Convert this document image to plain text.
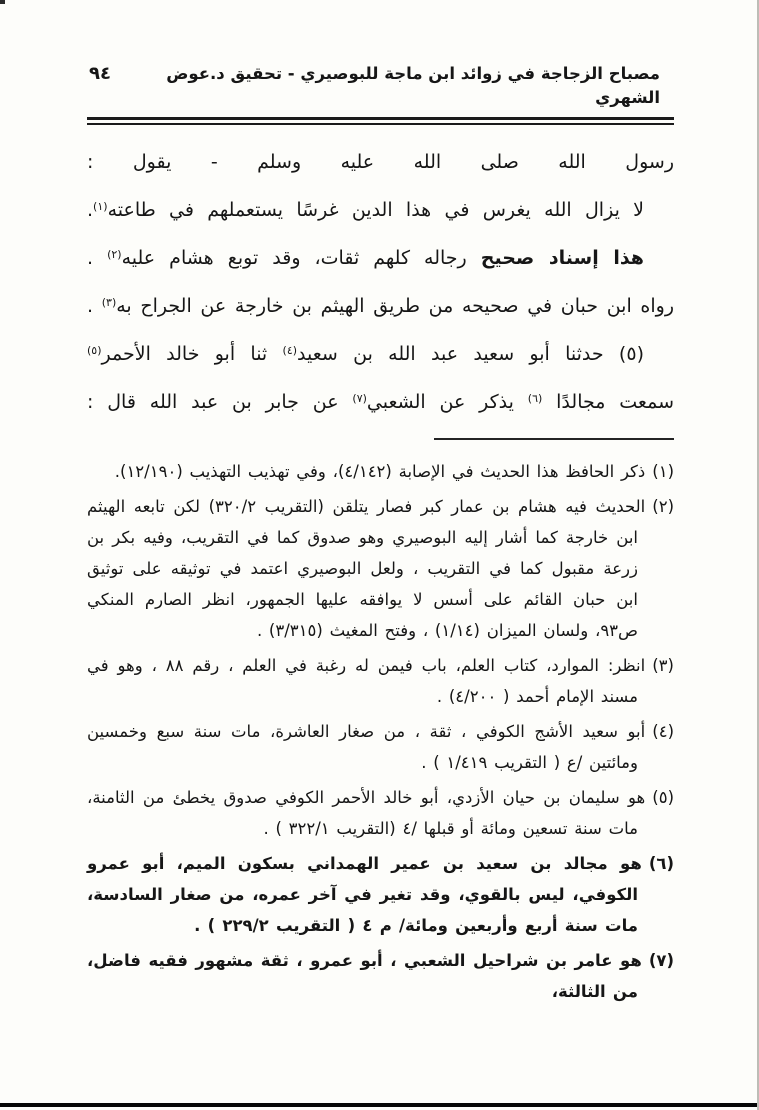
مصباح الزجاجة في زوائد ابن ماجة للبوصيري - تحقيق د.عوض الشهري
٩٤
رسول الله صلى الله عليه وسلم - يقول :
لا يزال الله يغرس في هذا الدين غرسًا يستعملهم في طاعته$^{(١)}$.
هذا إسناد صحيح رجاله كلهم ثقات، وقد توبع هشام عليه$^{(٢)}$ .
رواه ابن حبان في صحيحه من طريق الهيثم بن خارجة عن الجراح به$^{(٣)}$ .
(٥) حدثنا أبو سعيد عبد الله بن سعيد$^{(٤)}$ ثنا أبو خالد الأحمر$^{(٥)}$
سمعت مجالدًا $^{(٦)}$ يذكر عن الشعبي$^{(٧)}$ عن جابر بن عبد الله قال :
(١)ذكر الحافظ هذا الحديث في الإصابة (٤/١٤٢)، وفي تهذيب التهذيب (١٢/١٩٠).
(٢)الحديث فيه هشام بن عمار كبر فصار يتلقن (التقريب ٣٢٠/٢) لكن تابعه الهيثم ابن خارجة كما أشار إليه البوصيري وهو صدوق كما في التقريب، وفيه بكر بن زرعة مقبول كما في التقريب ، ولعل البوصيري اعتمد في توثيقه على توثيق ابن حبان القائم على أسس لا يوافقه عليها الجمهور، انظر الصارم المنكي ص٩٣، ولسان الميزان (١/١٤) ، وفتح المغيث (٣/٣١٥) .
(٣)انظر: الموارد، كتاب العلم، باب فيمن له رغبة في العلم ، رقم ٨٨ ، وهو في مسند الإمام أحمد ( ٤/٢٠٠) .
(٤)أبو سعيد الأشج الكوفي ، ثقة ، من صغار العاشرة، مات سنة سبع وخمسين ومائتين /ع ( التقريب ١/٤١٩ ) .
(٥)هو سليمان بن حيان الأزدي، أبو خالد الأحمر الكوفي صدوق يخطئ من الثامنة، مات سنة تسعين ومائة أو قبلها /٤ (التقريب ٣٢٢/١ ) .
(٦)هو مجالد بن سعيد بن عمير الهمداني بسكون الميم، أبو عمرو الكوفي، ليس بالقوي، وقد تغير في آخر عمره، من صغار السادسة، مات سنة أربع وأربعين ومائة/ م ٤ ( التقريب ٢٢٩/٢ ) .
(٧)هو عامر بن شراحيل الشعبي ، أبو عمرو ، ثقة مشهور فقيه فاضل، من الثالثة،
